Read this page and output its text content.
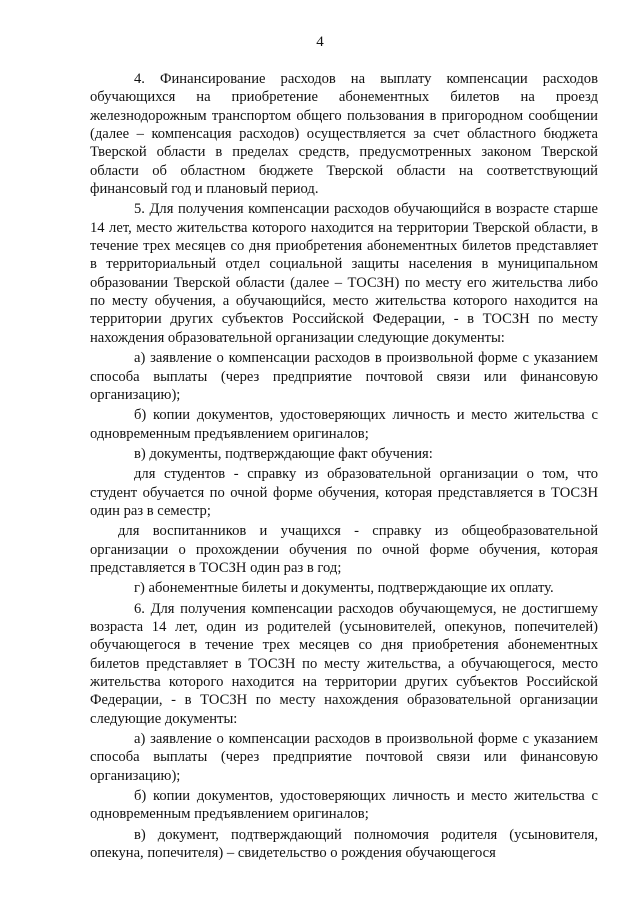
4

4. Финансирование расходов на выплату компенсации расходов обучающихся на приобретение абонементных билетов на проезд железнодорожным транспортом общего пользования в пригородном сообщении (далее – компенсация расходов) осуществляется за счет областного бюджета Тверской области в пределах средств, предусмотренных законом Тверской области об областном бюджете Тверской области на соответствующий финансовый год и плановый период.

5. Для получения компенсации расходов обучающийся в возрасте старше 14 лет, место жительства которого находится на территории Тверской области, в течение трех месяцев со дня приобретения абонементных билетов представляет в территориальный отдел социальной защиты населения в муниципальном образовании Тверской области (далее – ТОСЗН) по месту его жительства либо по месту обучения, а обучающийся, место жительства которого находится на территории других субъектов Российской Федерации, - в ТОСЗН по месту нахождения образовательной организации следующие документы:

а) заявление о компенсации расходов в произвольной форме с указанием способа выплаты (через предприятие почтовой связи или финансовую организацию);

б) копии документов, удостоверяющих личность и место жительства с одновременным предъявлением оригиналов;

в) документы, подтверждающие факт обучения:

для студентов - справку из образовательной организации о том, что студент обучается по очной форме обучения, которая представляется в ТОСЗН один раз в семестр;

для воспитанников и учащихся - справку из общеобразовательной организации о прохождении обучения по очной форме обучения, которая представляется в ТОСЗН один раз в год;

г) абонементные билеты и документы, подтверждающие их оплату.

6. Для получения компенсации расходов обучающемуся, не достигшему возраста 14 лет, один из родителей (усыновителей, опекунов, попечителей) обучающегося в течение трех месяцев со дня приобретения абонементных билетов представляет в ТОСЗН по месту жительства, а обучающегося, место жительства которого находится на территории других субъектов Российской Федерации, - в ТОСЗН по месту нахождения образовательной организации следующие документы:

а) заявление о компенсации расходов в произвольной форме с указанием способа выплаты (через предприятие почтовой связи или финансовую организацию);

б) копии документов, удостоверяющих личность и место жительства с одновременным предъявлением оригиналов;

в) документ, подтверждающий полномочия родителя (усыновителя, опекуна, попечителя) – свидетельство о рождения обучающегося
